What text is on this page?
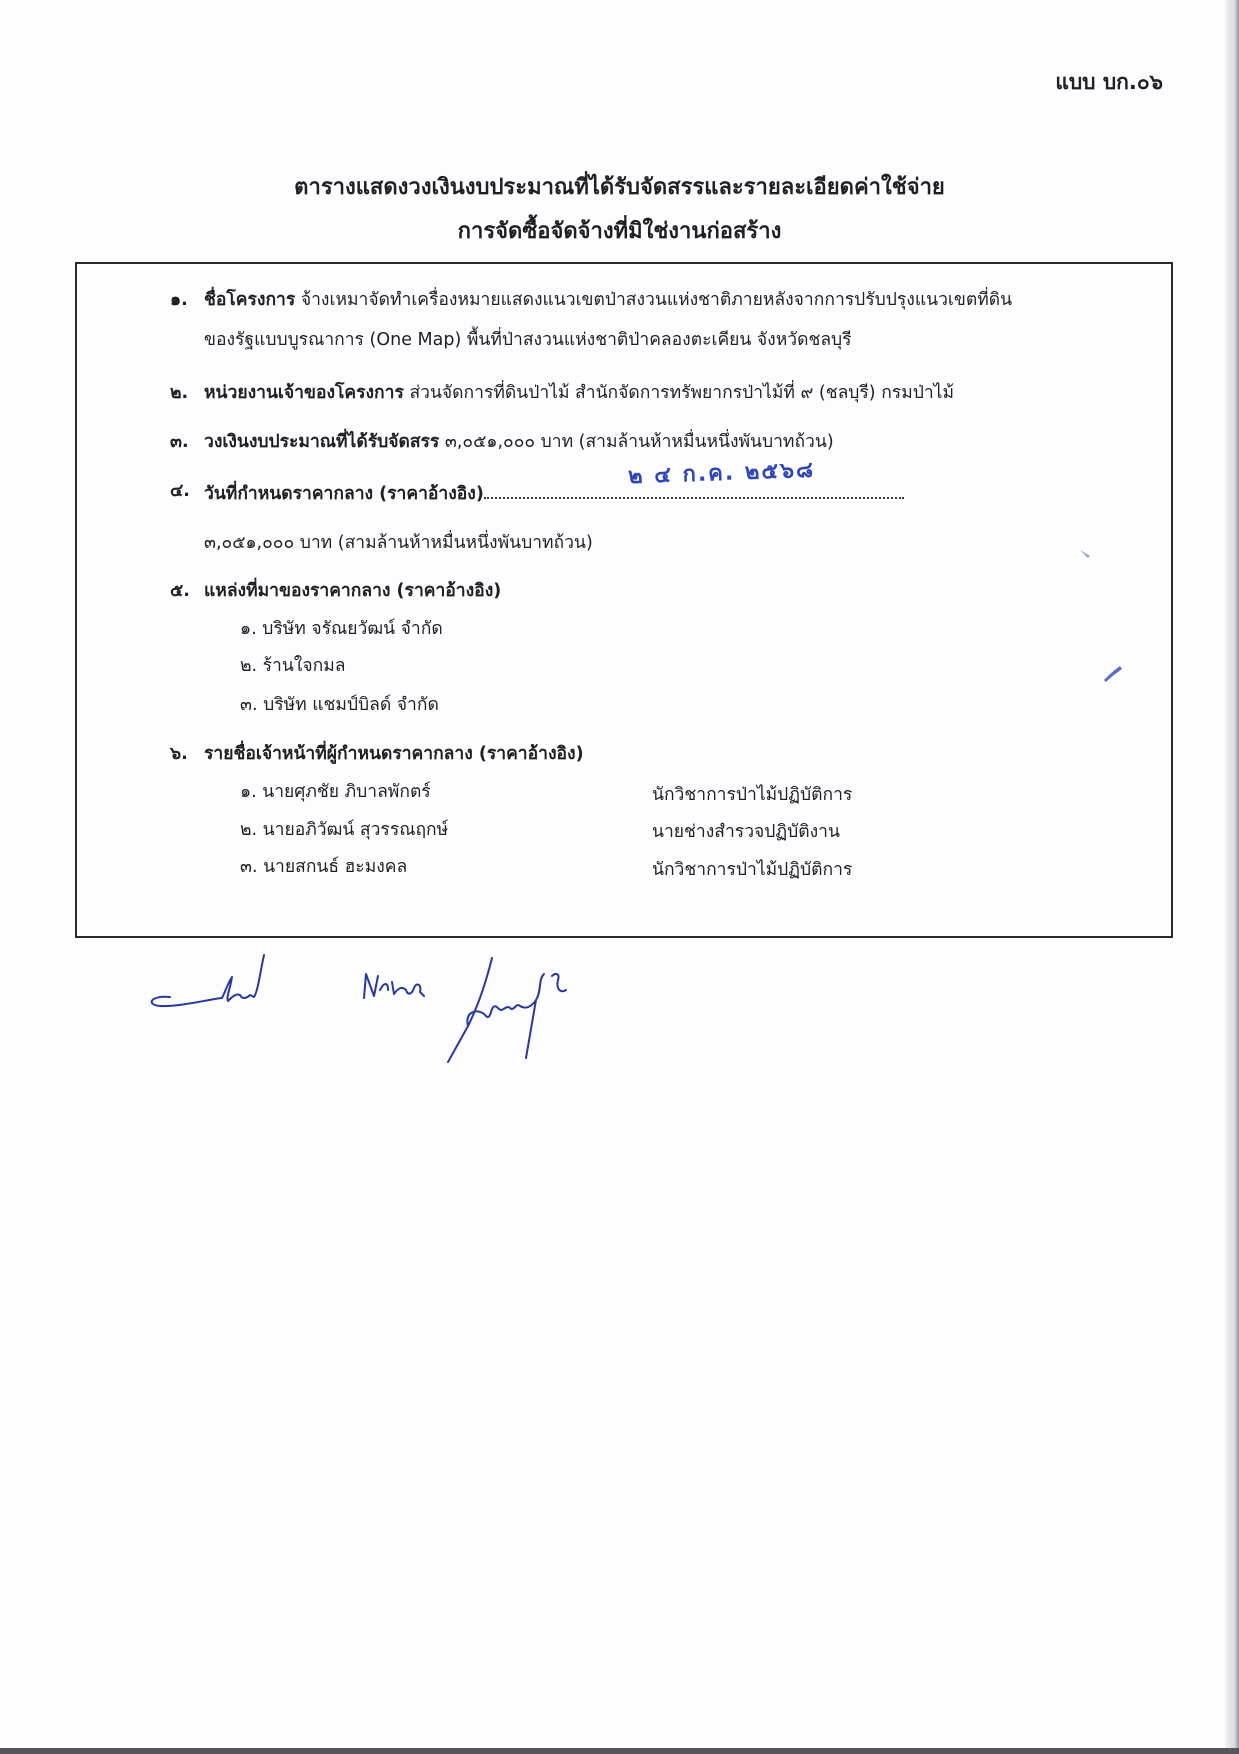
แบบ บก.๐๖
ตารางแสดงวงเงินงบประมาณที่ได้รับจัดสรรและรายละเอียดค่าใช้จ่าย
การจัดซื้อจัดจ้างที่มิใช่งานก่อสร้าง
๑. ชื่อโครงการ จ้างเหมาจัดทำเครื่องหมายแสดงแนวเขตป่าสงวนแห่งชาติภายหลังจากการปรับปรุงแนวเขตที่ดิน
ของรัฐแบบบูรณาการ (One Map) พื้นที่ป่าสงวนแห่งชาติป่าคลองตะเคียน จังหวัดชลบุรี
๒. หน่วยงานเจ้าของโครงการ ส่วนจัดการที่ดินป่าไม้ สำนักจัดการทรัพยากรป่าไม้ที่ ๙ (ชลบุรี) กรมป่าไม้
๓. วงเงินงบประมาณที่ได้รับจัดสรร ๓,๐๕๑,๐๐๐ บาท (สามล้านห้าหมื่นหนึ่งพันบาทถ้วน)
๒ ๔ ก.ค. ๒๕๖๘
๔. วันที่กำหนดราคากลาง (ราคาอ้างอิง)
๓,๐๕๑,๐๐๐ บาท (สามล้านห้าหมื่นหนึ่งพันบาทถ้วน)
๕. แหล่งที่มาของราคากลาง (ราคาอ้างอิง)
๑. บริษัท จรัณยวัฒน์ จำกัด
๒. ร้านใจกมล
๓. บริษัท แชมป์บิลด์ จำกัด
๖. รายชื่อเจ้าหน้าที่ผู้กำหนดราคากลาง (ราคาอ้างอิง)
๑. นายศุภชัย ภิบาลพักตร์	นักวิชาการป่าไม้ปฏิบัติการ
๒. นายอภิวัฒน์ สุวรรณฤกษ์	นายช่างสำรวจปฏิบัติงาน
๓. นายสกนธ์ ฮะมงคล	นักวิชาการป่าไม้ปฏิบัติการ
